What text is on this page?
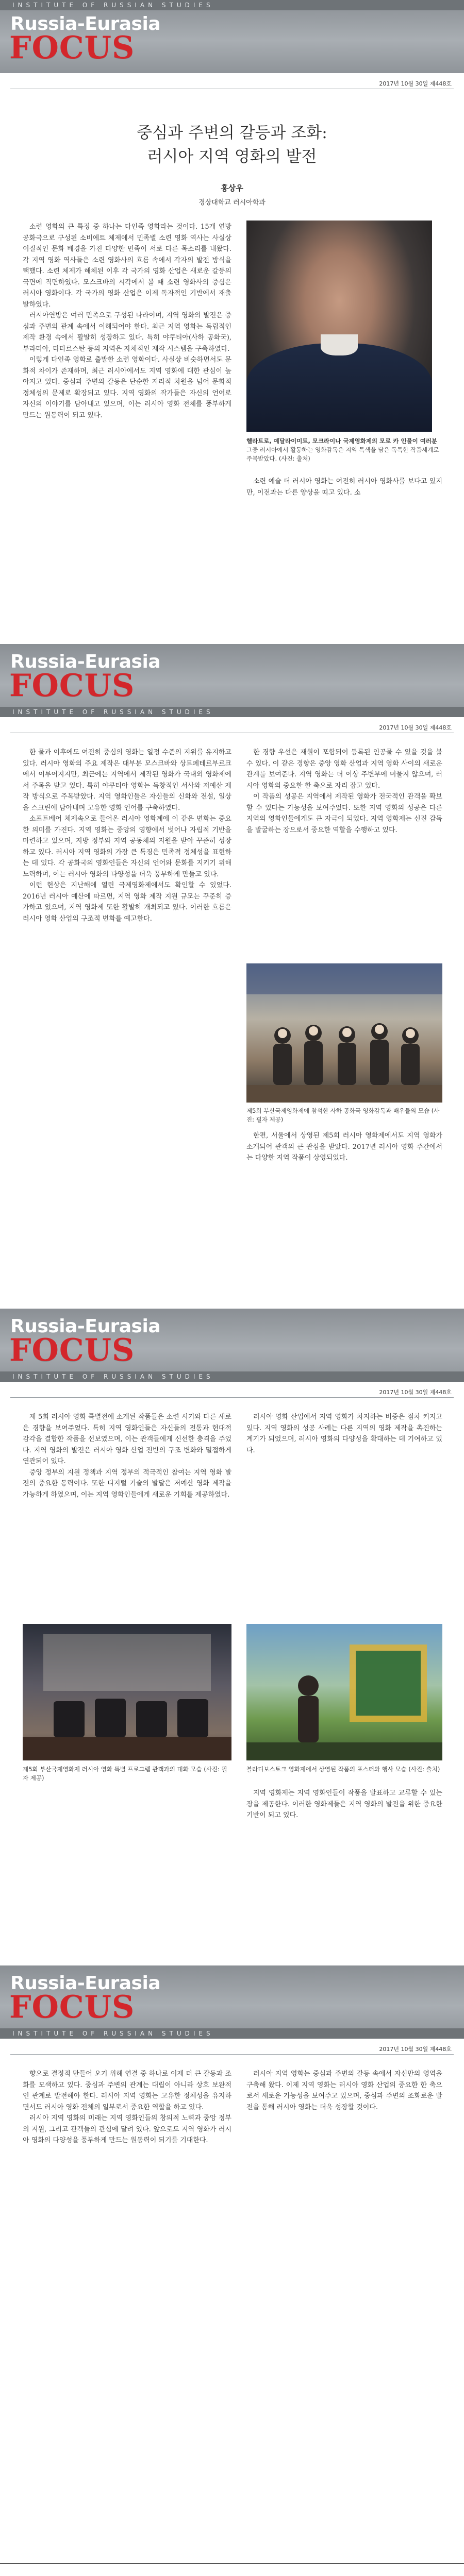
INSTITUTE OF RUSSIAN STUDIES
Russia-Eurasia
FOCUS
2017년 10월 30일 제448호
중심과 주변의 갈등과 조화:
러시아 지역 영화의 발전
홍상우
경상대학교 러시아학과

소련 영화의 큰 특징 중 하나는 다인족 영화라는 것이다. 15개 연방 공화국으로 구성된 소비에트 체제에서 민족별 소련 영화 역사는 사실상 이질적인 문화 배경을 가진 다양한 민족이 서로 다른 목소리를 내왔다. 각 지역 영화 역사들은 소련 영화사의 흐름 속에서 각자의 발전 방식을 택했다. 소련 체제가 해체된 이후 각 국가의 영화 산업은 새로운 갈등의 국면에 직면하였다. 모스크바의 시각에서 볼 때 소련 영화사의 중심은 러시아 영화이다. 각 국가의 영화 산업은 이제 독자적인 기반에서 재출발하였다.

러시아연방은 여러 민족으로 구성된 나라이며, 지역 영화의 발전은 중심과 주변의 관계 속에서 이해되어야 한다. 최근 지역 영화는 독립적인 제작 환경 속에서 활발히 성장하고 있다. 특히 야쿠티아(사하 공화국), 부랴티아, 타타르스탄 등의 지역은 자체적인 제작 시스템을 구축하였다.

이렇게 다인족 영화로 출발한 소련 영화이다. 사실상 비슷하면서도 문화적 차이가 존재하며, 최근 러시아에서도 지역 영화에 대한 관심이 높아지고 있다. 중심과 주변의 갈등은 단순한 지리적 차원을 넘어 문화적 정체성의 문제로 확장되고 있다. 지역 영화의 작가들은 자신의 언어로 자신의 이야기를 담아내고 있으며, 이는 러시아 영화 전체를 풍부하게 만드는 원동력이 되고 있다.

헬라트로, 예달라이미트, 모크라이나 국제영화제의 모로 카 인물이 여러분 그중 러시아에서 활동하는 영화감독은 지역 특색을 담은 독특한 작품세계로 주목받았다. (사진: 출처)

소련 예술 더 러시아 영화는 여전히 러시아 영화사를 보다고 있지만, 이전과는 다른 양상을 띠고 있다. 소

Russia-Eurasia
FOCUS
INSTITUTE OF RUSSIAN STUDIES
2017년 10월 30일 제448호

한 물과 이후에도 여전히 중심의 영화는 일정 수준의 지위를 유지하고 있다. 러시아 영화의 주요 제작은 대부분 모스크바와 상트페테르부르크에서 이루어지지만, 최근에는 지역에서 제작된 영화가 국내외 영화제에서 주목을 받고 있다. 특히 야쿠티아 영화는 독창적인 서사와 저예산 제작 방식으로 주목받았다. 지역 영화인들은 자신들의 신화와 전설, 일상을 스크린에 담아내며 고유한 영화 언어를 구축하였다.

소프트베어 체제속으로 들어온 러시아 영화계에 이 같은 변화는 중요한 의미를 가진다. 지역 영화는 중앙의 영향에서 벗어나 자립적 기반을 마련하고 있으며, 지방 정부와 지역 공동체의 지원을 받아 꾸준히 성장하고 있다. 러시아 지역 영화의 가장 큰 특징은 민족적 정체성을 표현하는 데 있다. 각 공화국의 영화인들은 자신의 언어와 문화를 지키기 위해 노력하며, 이는 러시아 영화의 다양성을 더욱 풍부하게 만들고 있다.

이런 현상은 지난해에 열린 국제영화제에서도 확인할 수 있었다. 2016년 러시아 예산에 따르면, 지역 영화 제작 지원 규모는 꾸준히 증가하고 있으며, 지역 영화제 또한 활발히 개최되고 있다. 이러한 흐름은 러시아 영화 산업의 구조적 변화를 예고한다.

한 경향 우선은 재원이 포함되어 등록된 인공물 수 있을 것을 볼 수 있다. 이 같은 경향은 중앙 영화 산업과 지역 영화 사이의 새로운 관계를 보여준다. 지역 영화는 더 이상 주변부에 머물지 않으며, 러시아 영화의 중요한 한 축으로 자리 잡고 있다.

이 작품의 성공은 지역에서 제작된 영화가 전국적인 관객을 확보할 수 있다는 가능성을 보여주었다. 또한 지역 영화의 성공은 다른 지역의 영화인들에게도 큰 자극이 되었다. 지역 영화제는 신진 감독을 발굴하는 장으로서 중요한 역할을 수행하고 있다.

제5회 부산국제영화제에 참석한 사하 공화국 영화감독과 배우들의 모습 (사진: 필자 제공)

한편, 서울에서 상영된 제5회 러시아 영화제에서도 지역 영화가 소개되어 관객의 큰 관심을 받았다. 2017년 러시아 영화 주간에서는 다양한 지역 작품이 상영되었다.

Russia-Eurasia
FOCUS
INSTITUTE OF RUSSIAN STUDIES
2017년 10월 30일 제448호

제 5회 러시아 영화 특별전에 소개된 작품들은 소련 시기와 다른 새로운 경향을 보여주었다. 특히 지역 영화인들은 자신들의 전통과 현대적 감각을 결합한 작품을 선보였으며, 이는 관객들에게 신선한 충격을 주었다. 지역 영화의 발전은 러시아 영화 산업 전반의 구조 변화와 밀접하게 연관되어 있다.

중앙 정부의 지원 정책과 지역 정부의 적극적인 참여는 지역 영화 발전의 중요한 동력이다. 또한 디지털 기술의 발달은 저예산 영화 제작을 가능하게 하였으며, 이는 지역 영화인들에게 새로운 기회를 제공하였다.

제5회 부산국제영화제 러시아 영화 특별 프로그램 관객과의 대화 모습 (사진: 필자 제공)

러시아 영화 산업에서 지역 영화가 차지하는 비중은 점차 커지고 있다. 지역 영화의 성공 사례는 다른 지역의 영화 제작을 촉진하는 계기가 되었으며, 러시아 영화의 다양성을 확대하는 데 기여하고 있다.

블라디보스토크 영화제에서 상영된 작품의 포스터와 행사 모습 (사진: 출처)

지역 영화제는 지역 영화인들이 작품을 발표하고 교류할 수 있는 장을 제공한다. 이러한 영화제들은 지역 영화의 발전을 위한 중요한 기반이 되고 있다.

Russia-Eurasia
FOCUS
INSTITUTE OF RUSSIAN STUDIES
2017년 10월 30일 제448호

향으로 결정적 만들어 오기 위해 연결 중 하나로 이제 더 큰 갈등과 조화를 모색하고 있다. 중심과 주변의 관계는 대립이 아니라 상호 보완적인 관계로 발전해야 한다. 러시아 지역 영화는 고유한 정체성을 유지하면서도 러시아 영화 전체의 일부로서 중요한 역할을 하고 있다.

러시아 지역 영화의 미래는 지역 영화인들의 창의적 노력과 중앙 정부의 지원, 그리고 관객들의 관심에 달려 있다. 앞으로도 지역 영화가 러시아 영화의 다양성을 풍부하게 만드는 원동력이 되기를 기대한다.

러시아 지역 영화는 중심과 주변의 갈등 속에서 자신만의 영역을 구축해 왔다. 이제 지역 영화는 러시아 영화 산업의 중요한 한 축으로서 새로운 가능성을 보여주고 있으며, 중심과 주변의 조화로운 발전을 통해 러시아 영화는 더욱 성장할 것이다.
